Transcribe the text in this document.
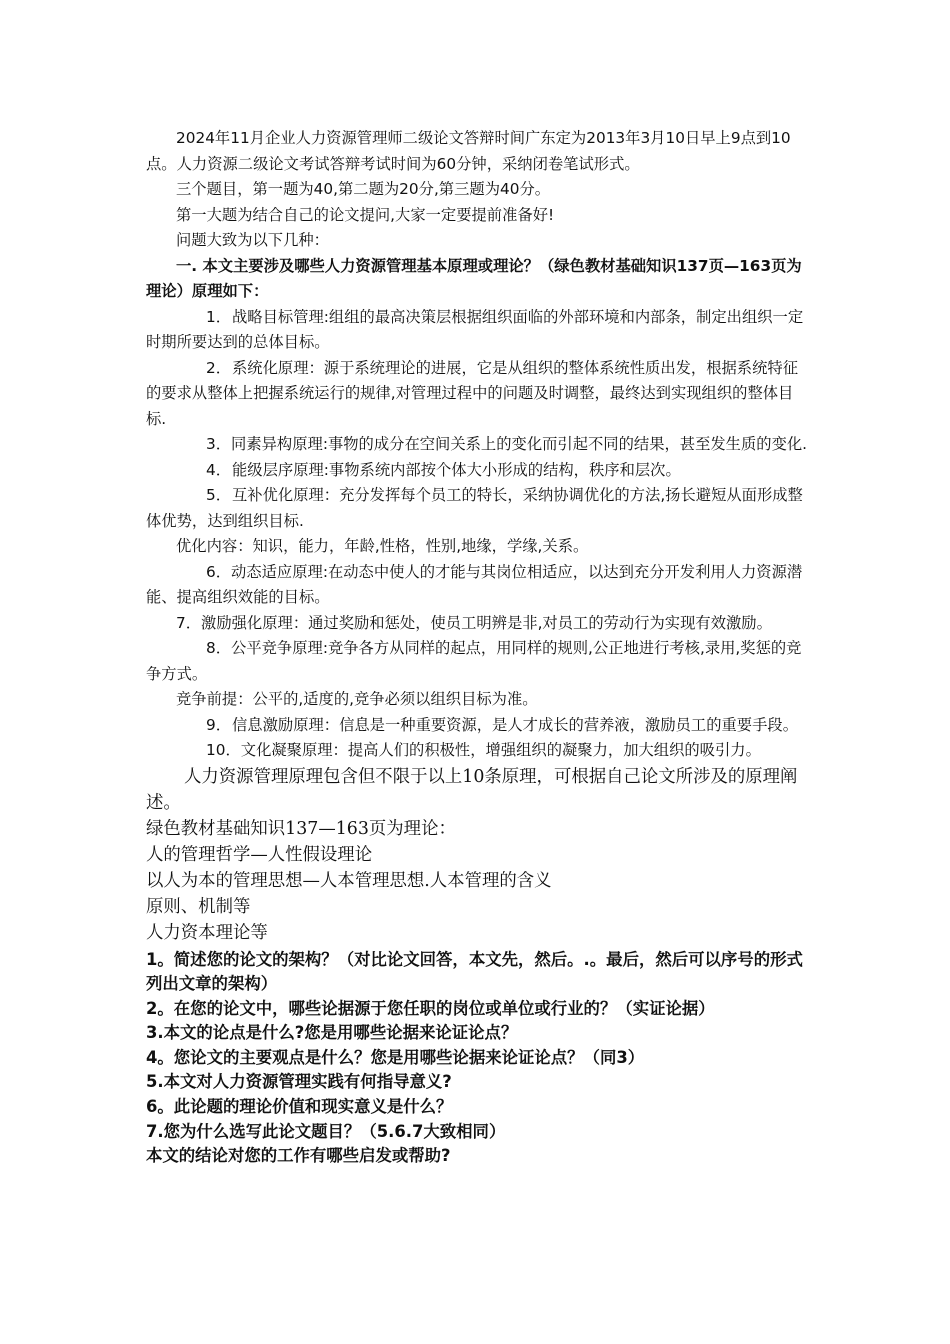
2024年11月企业人力资源管理师二级论文答辩时间广东定为2013年3月10日早上9点到10点。人力资源二级论文考试答辩考试时间为60分钟，采纳闭卷笔试形式。

三个题目，第一题为40,第二题为20分,第三题为40分。

第一大题为结合自己的论文提问,大家一定要提前准备好!

问题大致为以下几种：

一. 本文主要涉及哪些人力资源管理基本原理或理论？（绿色教材基础知识137页—163页为理论）原理如下：

1．战略目标管理:组组的最高决策层根据组织面临的外部环境和内部条，制定出组织一定时期所要达到的总体目标。

2．系统化原理：源于系统理论的进展，它是从组织的整体系统性质出发，根据系统特征的要求从整体上把握系统运行的规律,对管理过程中的问题及时调整，最终达到实现组织的整体目标.

3．同素异构原理:事物的成分在空间关系上的变化而引起不同的结果，甚至发生质的变化.

4．能级层序原理:事物系统内部按个体大小形成的结构，秩序和层次。

5．互补优化原理：充分发挥每个员工的特长，采纳协调优化的方法,扬长避短从面形成整体优势，达到组织目标.

优化内容：知识，能力，年龄,性格，性别,地缘，学缘,关系。

6．动态适应原理:在动态中使人的才能与其岗位相适应，以达到充分开发利用人力资源潜能、提高组织效能的目标。

7．激励强化原理：通过奖励和惩处，使员工明辨是非,对员工的劳动行为实现有效激励。

8．公平竞争原理:竞争各方从同样的起点，用同样的规则,公正地进行考核,录用,奖惩的竞争方式。

竞争前提：公平的,适度的,竞争必须以组织目标为准。

9．信息激励原理：信息是一种重要资源，是人才成长的营养液，激励员工的重要手段。

10．文化凝聚原理：提高人们的积极性，增强组织的凝聚力，加大组织的吸引力。

人力资源管理原理包含但不限于以上10条原理，可根据自己论文所涉及的原理阐述。

绿色教材基础知识137—163页为理论：

人的管理哲学—人性假设理论

以人为本的管理思想—人本管理思想.人本管理的含义

原则、机制等

人力资本理论等

1。简述您的论文的架构？（对比论文回答，本文先，然后。.。最后，然后可以序号的形式列出文章的架构）

2。在您的论文中，哪些论据源于您任职的岗位或单位或行业的？（实证论据）

3.本文的论点是什么?您是用哪些论据来论证论点？

4。您论文的主要观点是什么？您是用哪些论据来论证论点？（同3）

5.本文对人力资源管理实践有何指导意义?

6。此论题的理论价值和现实意义是什么？

7.您为什么选写此论文题目？（5.6.7大致相同）

本文的结论对您的工作有哪些启发或帮助?
